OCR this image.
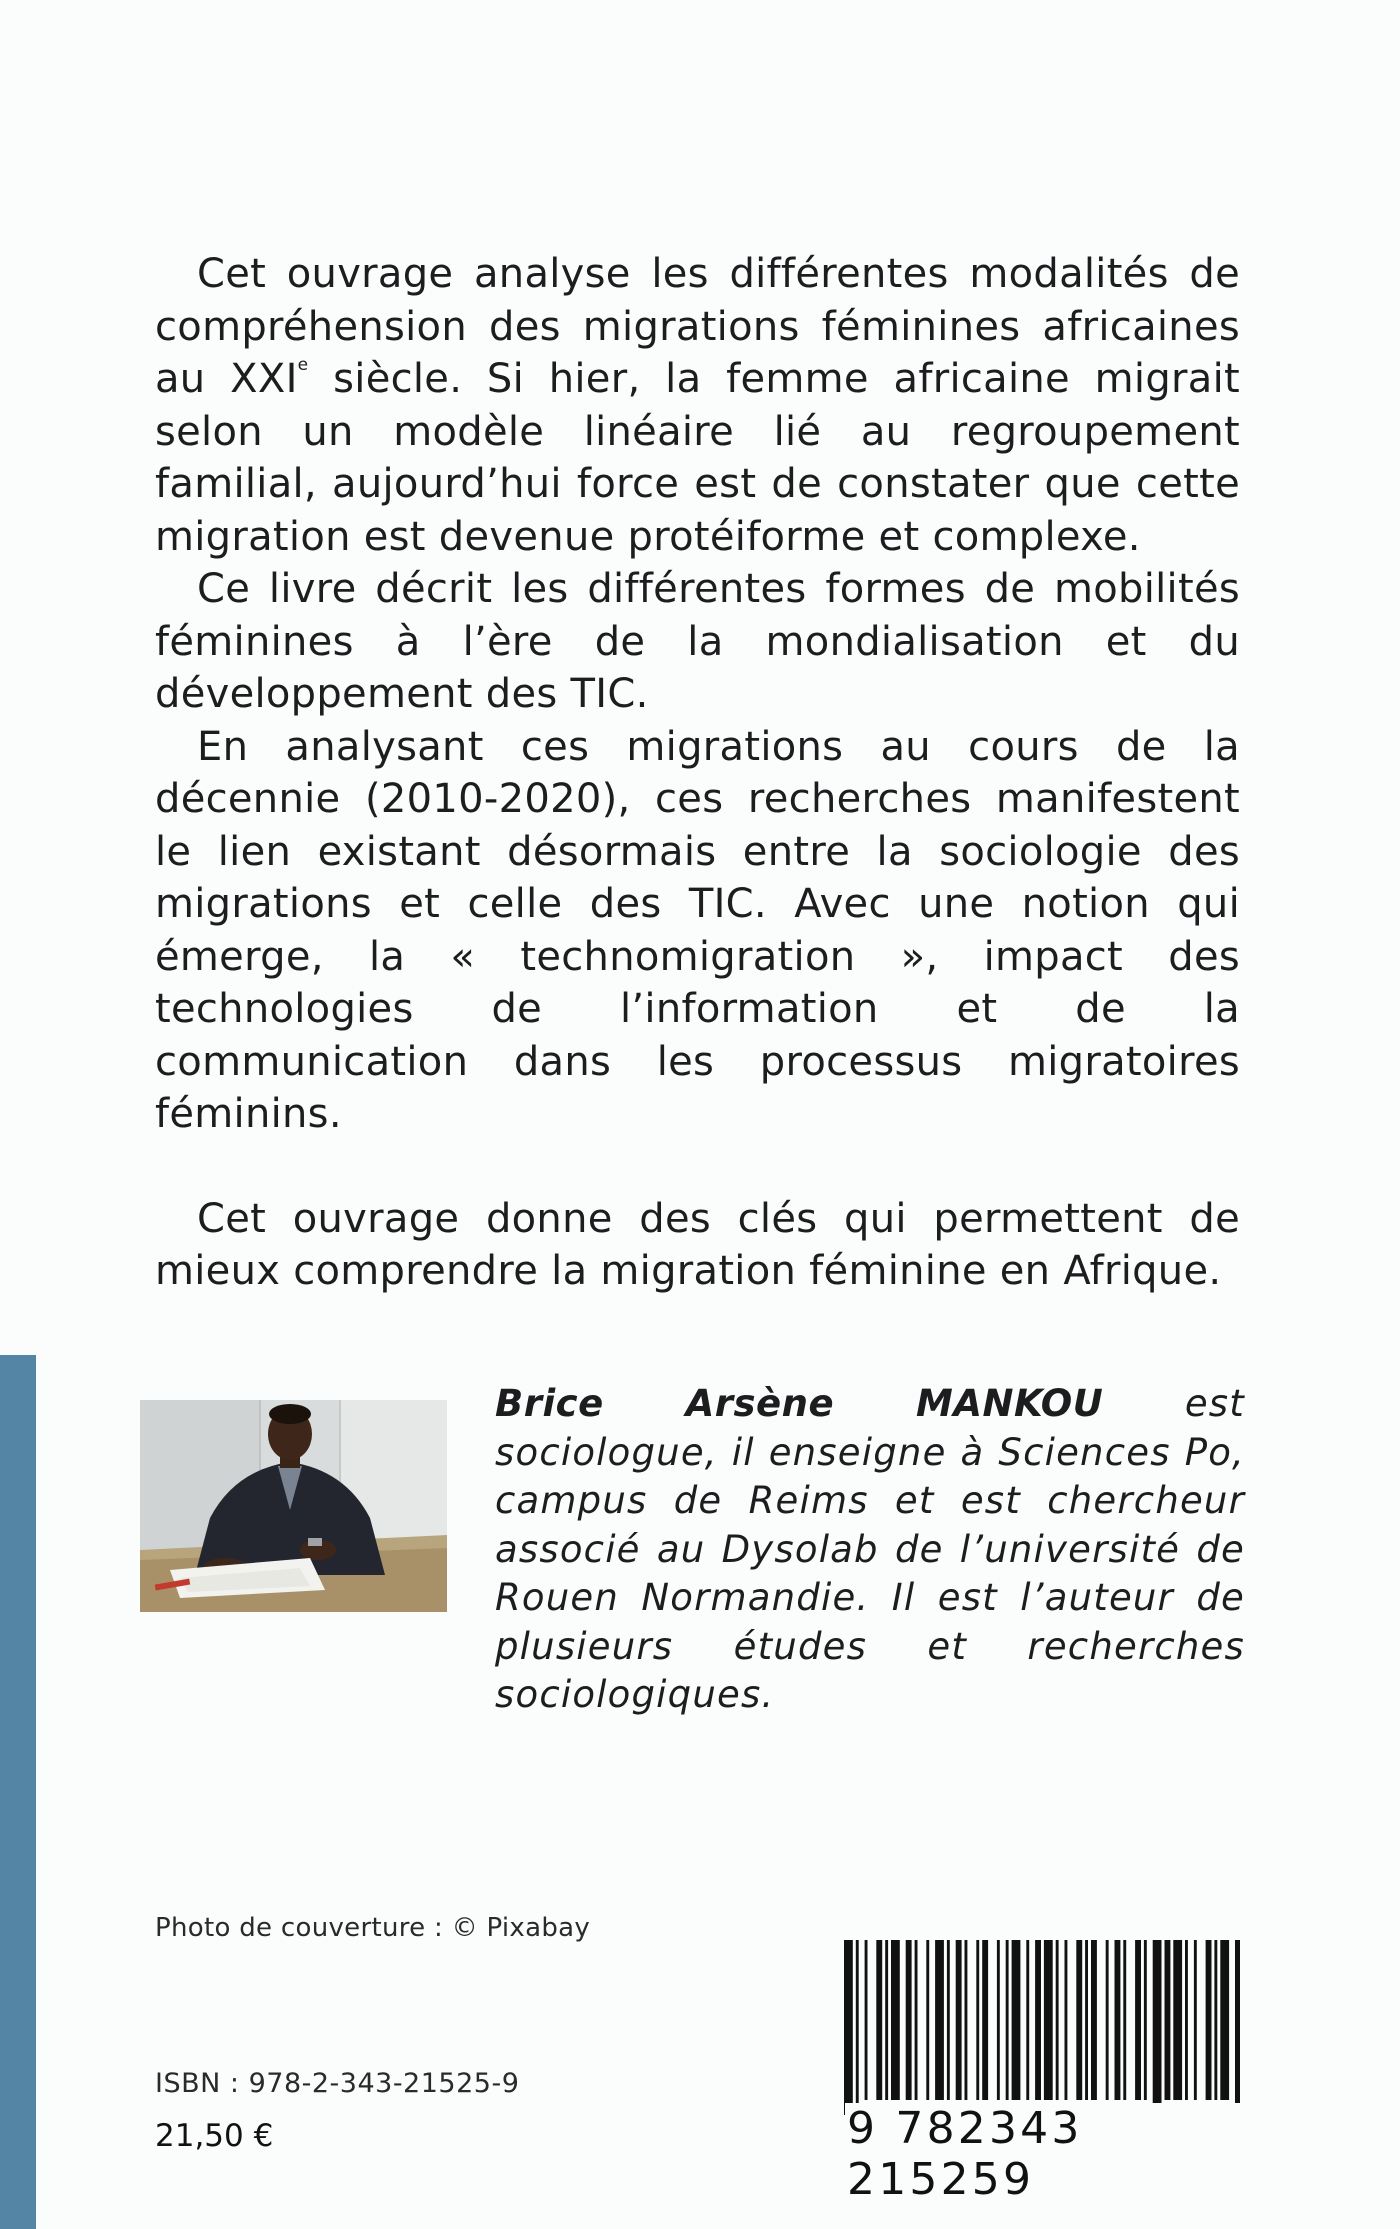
Cet ouvrage analyse les différentes modalités de compréhension des migrations féminines africaines au XXIe siècle. Si hier, la femme africaine migrait selon un modèle linéaire lié au regroupement familial, aujourd’hui force est de constater que cette migration est devenue protéiforme et complexe.

Ce livre décrit les différentes formes de mobilités féminines à l’ère de la mondialisation et du développement des TIC.

En analysant ces migrations au cours de la décennie (2010-2020), ces recherches manifestent le lien existant désormais entre la sociologie des migrations et celle des TIC. Avec une notion qui émerge, la « technomigration », impact des technologies de l’information et de la communication dans les processus migratoires féminins.

Cet ouvrage donne des clés qui permettent de mieux comprendre la migration féminine en Afrique.

Brice Arsène MANKOU est sociologue, il enseigne à Sciences Po, campus de Reims et est chercheur associé au Dysolab de l’université de Rouen Normandie. Il est l’auteur de plusieurs études et recherches sociologiques.
Photo de couverture : © Pixabay
ISBN : 978-2-343-21525-9
21,50 €	9 782343 215259
